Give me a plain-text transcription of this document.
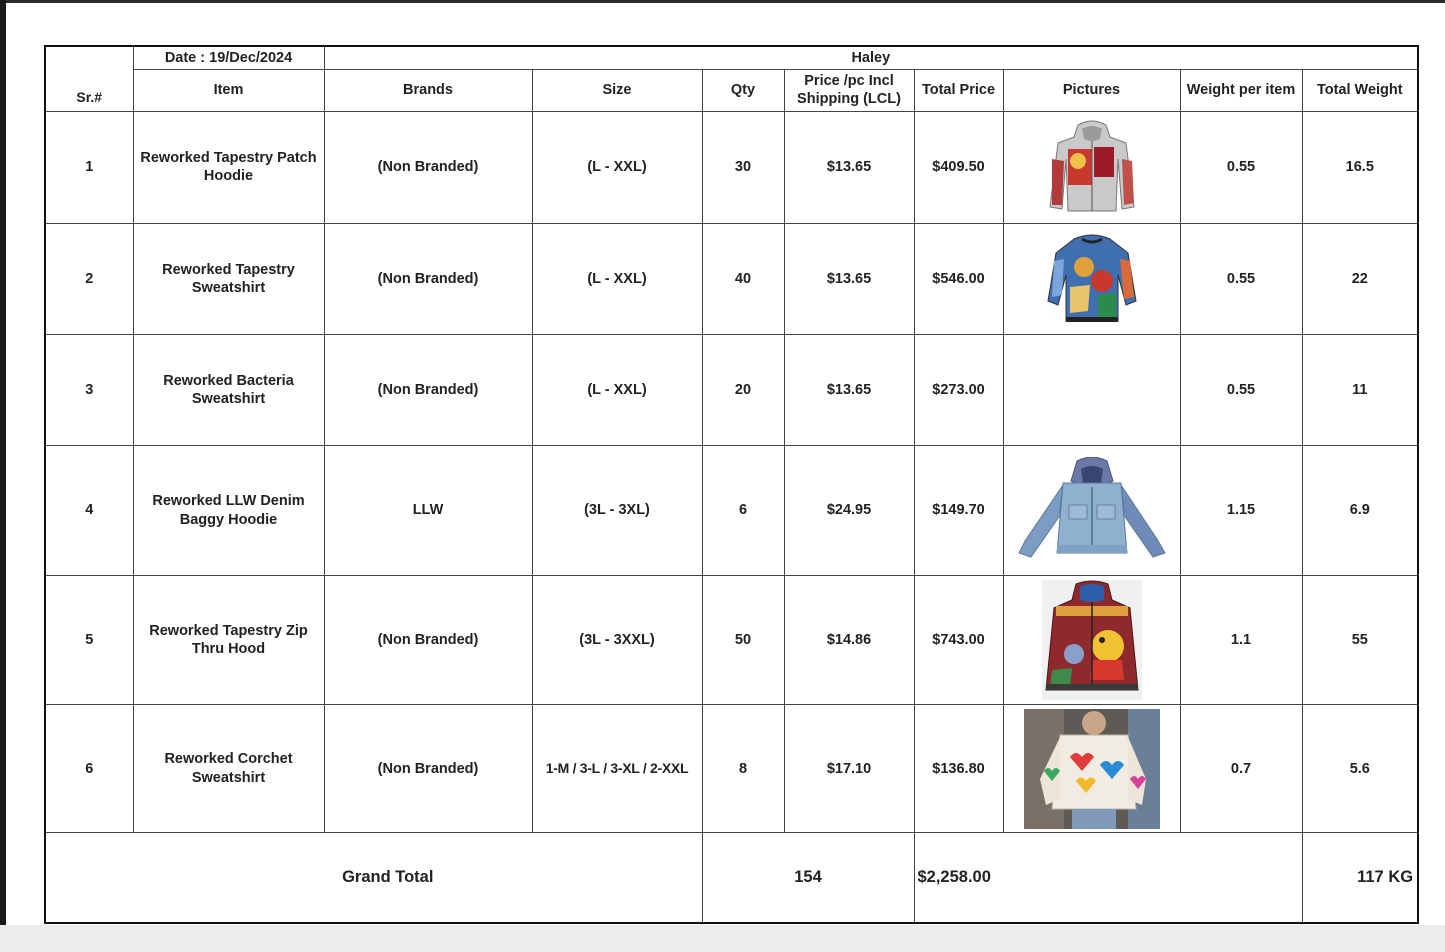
Sr.#	Date : 19/Dec/2024	Haley							
	Item	Brands	Size	Qty	Price /pc Incl
Shipping (LCL)	Total Price	Pictures	Weight per item	Total Weight
1	Reworked Tapestry Patch
Hoodie	(Non Branded)	(L - XXL)	30	$13.65	$409.50		0.55	16.5
2	Reworked Tapestry
Sweatshirt	(Non Branded)	(L - XXL)	40	$13.65	$546.00		0.55	22
3	Reworked Bacteria
Sweatshirt	(Non Branded)	(L - XXL)	20	$13.65	$273.00		0.55	11
4	Reworked LLW Denim
Baggy Hoodie	LLW	(3L - 3XL)	6	$24.95	$149.70		1.15	6.9
5	Reworked Tapestry Zip
Thru Hood	(Non Branded)	(3L - 3XXL)	50	$14.86	$743.00		1.1	55
6	Reworked Corchet
Sweatshirt	(Non Branded)	1-M / 3-L / 3-XL / 2-XXL	8	$17.10	$136.80		0.7	5.6
Grand Total				154		$2,258.00			117 KG
